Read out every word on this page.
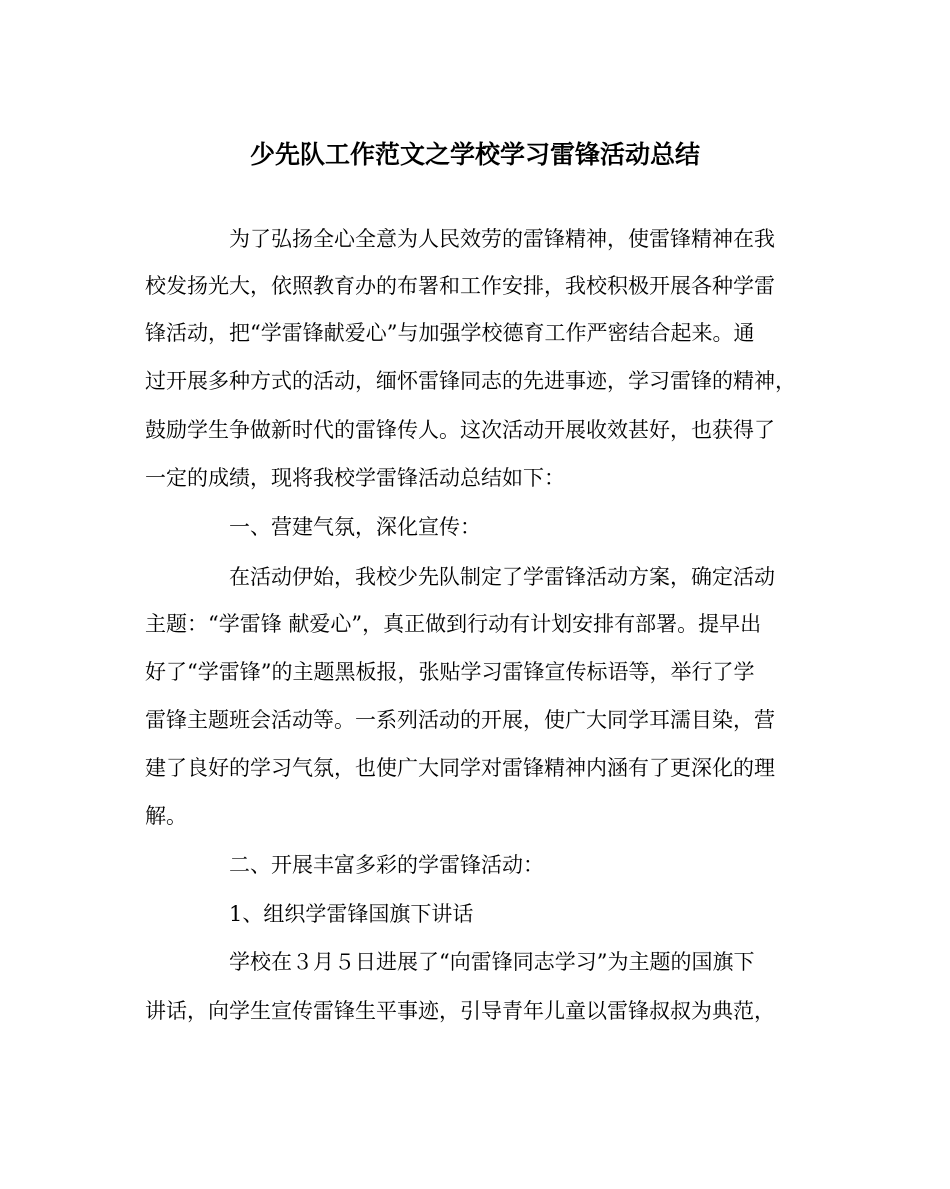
少先队工作范文之学校学习雷锋活动总结

为了弘扬全心全意为人民效劳的雷锋精神，使雷锋精神在我

校发扬光大，依照教育办的布署和工作安排，我校积极开展各种学雷

锋活动，把“学雷锋献爱心”与加强学校德育工作严密结合起来。通

过开展多种方式的活动，缅怀雷锋同志的先进事迹，学习雷锋的精神，

鼓励学生争做新时代的雷锋传人。这次活动开展收效甚好，也获得了

一定的成绩，现将我校学雷锋活动总结如下：

一、营建气氛，深化宣传：

在活动伊始，我校少先队制定了学雷锋活动方案，确定活动

主题：“学雷锋 献爱心”，真正做到行动有计划安排有部署。提早出

好了“学雷锋”的主题黑板报，张贴学习雷锋宣传标语等，举行了学

雷锋主题班会活动等。一系列活动的开展，使广大同学耳濡目染，营

建了良好的学习气氛，也使广大同学对雷锋精神内涵有了更深化的理

解。

二、开展丰富多彩的学雷锋活动：

1、组织学雷锋国旗下讲话

学校在３月５日进展了“向雷锋同志学习”为主题的国旗下

讲话，向学生宣传雷锋生平事迹，引导青年儿童以雷锋叔叔为典范，
